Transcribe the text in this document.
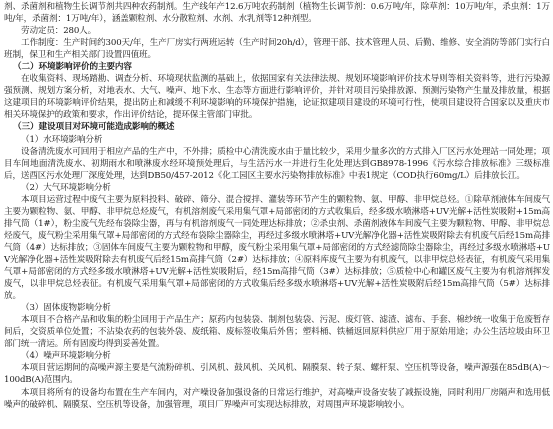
剂、杀菌剂和植物生长调节剂共四种农药制剂。生产线年产12.6万吨农药制剂（植物生长调节剂：0.6万吨/年，除草剂：10万吨/年，杀虫剂：1万吨/年，杀菌剂：1万吨/年），涵盖颗粒剂、水分散粒剂、水剂、水乳剂等12种剂型。

劳动定员：280人。

工作制度：生产时间约300天/年，生产厂房实行两班运转（生产时间20h/d），管理干部、技术管理人员、后勤、维修、安全消防等部门实行白班制，保卫和生产相关部门设置四值班。

（二）环境影响评价的主要内容

在收集资料、现场踏勘、调查分析、环境现状监测的基础上，依据国家有关法律法规、规划环境影响评价技术导则等相关资料等，进行污染源强预测、规划方案分析，对地表水、大气、噪声、地下水、生态等方面进行影响评价，并针对项目污染排放源、预测污染物产生量及排放量，根据这建项目的环境影响评价结果，提出防止和减缓不利环境影响的环境保护措施，论证拟建项目建设的环境可行性，使项目建设符合国家以及重庆市相关环境保护的政策和要求，作出评价结论，提环保主管部门审批。

（三）建设项目对环境可能造成影响的概述

（1）水环境影响分析

设备清洗废水可回用于相应产品的生产中，不外排；质检中心清洗废水由于量比较少，采用少量多次的方式排入厂区污水处理站一同处理；项目车间地面清洗废水、初期雨水和喷淋废水经环境预处理后，与生活污水一并进行生化处理达到GB8978-1996《污水综合排放标准》三级标准后，送酉区污水处理厂深度处理，达到DB50/457-2012《化工园区主要水污染物排放标准》中表1规定（COD执行60mg/L）后排放长江。

（2）大气环境影响分析

本项目运营过程中废气主要为原料投料、破碎、筛分、混合搅拌、灌装等环节产生的颗粒物、氨、甲醇、非甲烷总烃。①除草剂液体车间废气主要为颗粒物、氨、甲醇、非甲烷总烃废气，有机溶剂废气采用集气罩+局部密闭的方式收集后，经多级水喷淋塔+UV光解+活性炭吸附+15m高排气筒（1#），粉尘废气先经布袋除尘器，再与有机溶剂废气一同处理达标排放；②杀虫剂、杀菌剂液体车间废气主要为颗粒物、甲醇、非甲烷总烃废气，废气粉尘采用集气罩+局部密闭的方式经布袋除尘器除尘，再经过多级水喷淋塔+UV光解净化器+活性炭吸附除去有机废气后经15m高排气筒（4#）达标排放；③固体车间废气主要为颗粒物和甲醇，废气粉尘采用集气罩+局部密闭的方式经滤筒除尘器除尘，再经过多级水喷淋塔+UV光解净化器+活性炭吸附除去有机废气后经15m高排气筒（2#）达标排放；④原料库废气主要为有机废气，以非甲烷总烃表征，有机废气采用集气罩+局部密闭的方式经多级水喷淋塔+UV光解+活性炭吸附后，经15m高排气筒（3#）达标排放；⑤质检中心和罐区废气主要为有机溶剂挥发废气，以非甲烷总烃表征。有机废气采用集气罩+局部密闭的方式收集后经多级水喷淋塔+UV光解+活性炭吸附后经15m高排气筒（5#）达标排放。

（3）固体废物影响分析

本项目不合格产品和收集的粉尘回用于产品生产；原药内包装袋、制剂包装袋、污泥、废灯管、滤渣、滤布、手套、棉纱统一收集于危废暂存间后，交资质单位处置；不沾染农药的包装外袋、废纸箱、废标签收集后外售；塑料桶、铁桶返回原料供应厂用于原始用途；办公生活垃圾由环卫部门统一清运。所有固废均得到妥善处置。

（4）噪声环境影响分析

本项目营运期间的高噪声源主要是气流粉碎机、引风机、鼓风机、关风机、隔膜泵、转子泵、螺杆泵、空压机等设备，噪声源强在85dB(A)～100dB(A)范围内。

本项目将所有的设备均布置在生产车间内，对产噪设备加强设备的日常运行维护，对高噪声设备安装了减振设施，同时利用厂房隔声和选用低噪声的破碎机、隔膜泵、空压机等设备，加强管理，项目厂界噪声可实现达标排放，对周围声环境影响较小。
